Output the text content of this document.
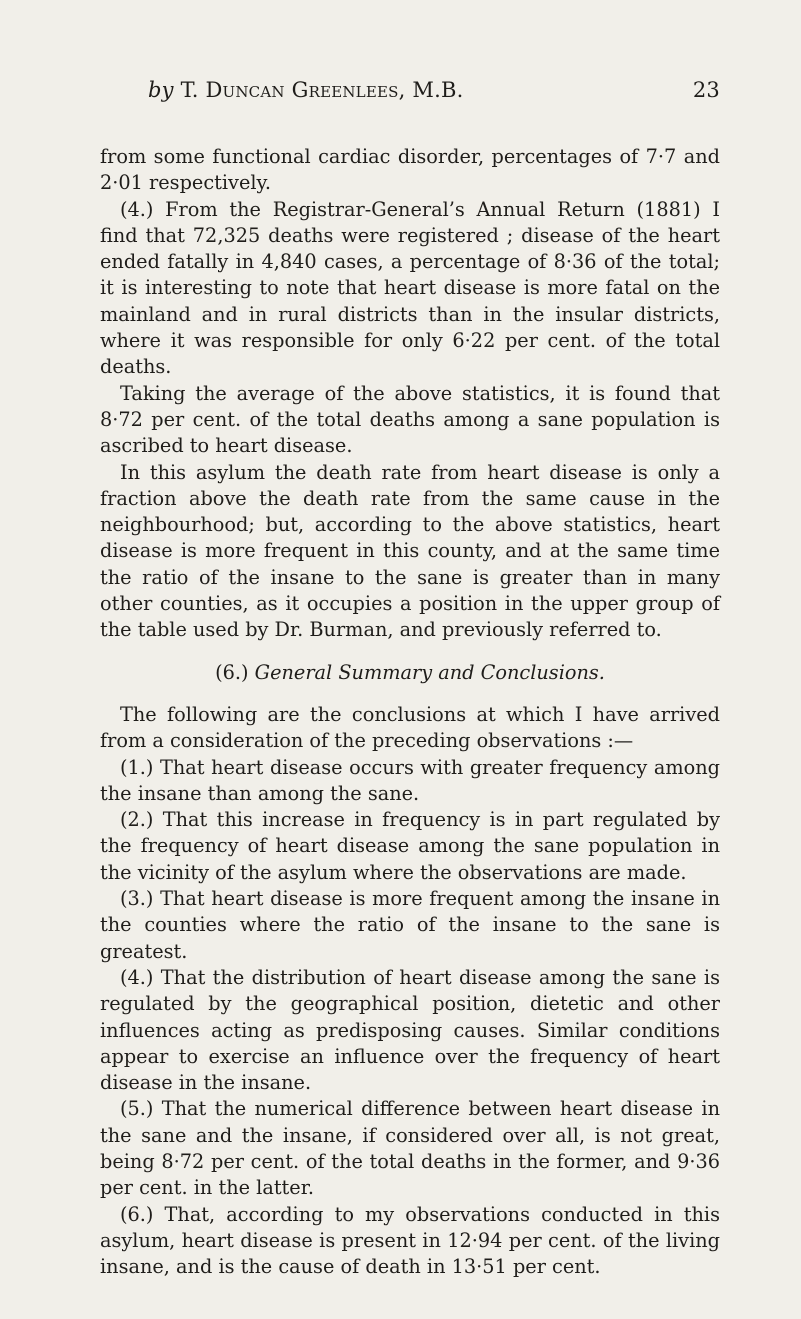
by T. Duncan Greenlees, M.B.	23

from some functional cardiac disorder, percentages of 7·7 and 2·01 respectively.

(4.) From the Registrar-General’s Annual Return (1881) I find that 72,325 deaths were registered ; disease of the heart ended fatally in 4,840 cases, a percentage of 8·36 of the total; it is interesting to note that heart disease is more fatal on the mainland and in rural districts than in the insular districts, where it was responsible for only 6·22 per cent. of the total deaths.

Taking the average of the above statistics, it is found that 8·72 per cent. of the total deaths among a sane population is ascribed to heart disease.

In this asylum the death rate from heart disease is only a fraction above the death rate from the same cause in the neighbourhood; but, according to the above statistics, heart disease is more frequent in this county, and at the same time the ratio of the insane to the sane is greater than in many other counties, as it occupies a position in the upper group of the table used by Dr. Burman, and previously referred to.

(6.) General Summary and Conclusions.

The following are the conclusions at which I have arrived from a consideration of the preceding observations :—

(1.) That heart disease occurs with greater frequency among the insane than among the sane.

(2.) That this increase in frequency is in part regulated by the frequency of heart disease among the sane population in the vicinity of the asylum where the observations are made.

(3.) That heart disease is more frequent among the insane in the counties where the ratio of the insane to the sane is greatest.

(4.) That the distribution of heart disease among the sane is regulated by the geographical position, dietetic and other influences acting as predisposing causes. Similar conditions appear to exercise an influence over the frequency of heart disease in the insane.

(5.) That the numerical difference between heart disease in the sane and the insane, if considered over all, is not great, being 8·72 per cent. of the total deaths in the former, and 9·36 per cent. in the latter.

(6.) That, according to my observations conducted in this asylum, heart disease is present in 12·94 per cent. of the living insane, and is the cause of death in 13·51 per cent.
